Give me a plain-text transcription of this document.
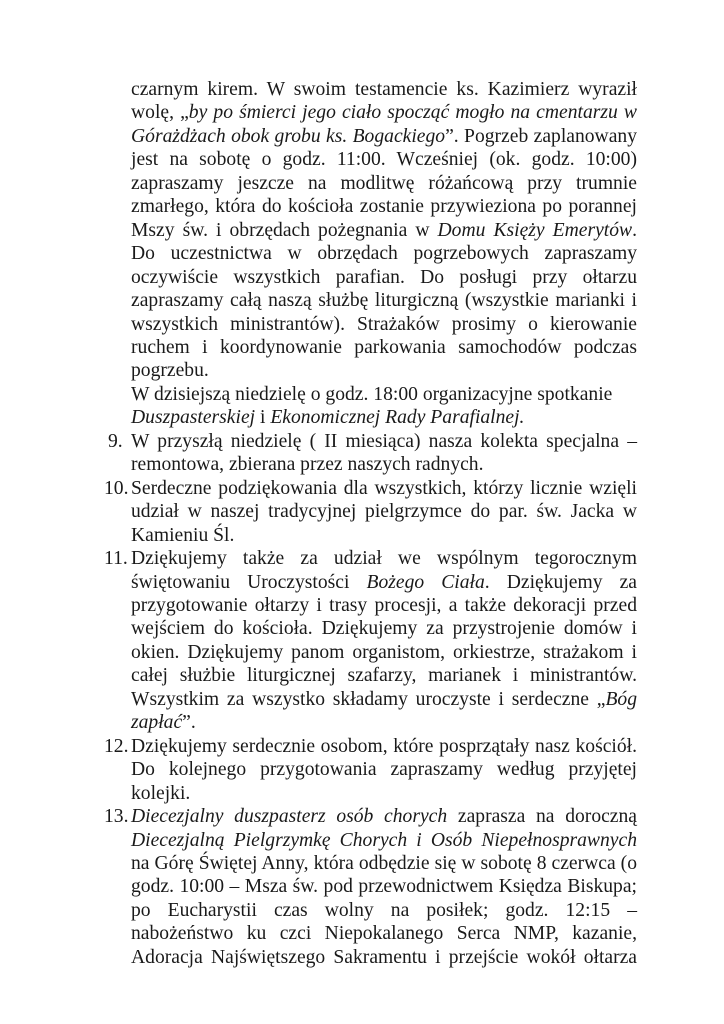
czarnym kirem. W swoim testamencie ks. Kazimierz wyraził wolę, „by po śmierci jego ciało spocząć mogło na cmentarzu w Górażdżach obok grobu ks. Bogackiego”. Pogrzeb zaplanowany jest na sobotę o godz. 11:00. Wcześniej (ok. godz. 10:00) zapraszamy jeszcze na modlitwę różańcową przy trumnie zmarłego, która do kościoła zostanie przywieziona po porannej Mszy św. i obrzędach pożegnania w Domu Księży Emerytów. Do uczestnictwa w obrzędach pogrzebowych zapraszamy oczywiście wszystkich parafian. Do posługi przy ołtarzu zapraszamy całą naszą służbę liturgiczną (wszystkie marianki i wszystkich ministrantów). Strażaków prosimy o kierowanie ruchem i koordynowanie parkowania samochodów podczas pogrzebu.

W dzisiejszą niedzielę o godz. 18:00 organizacyjne spotkanie Duszpasterskiej i Ekonomicznej Rady Parafialnej.

9. W przyszłą niedzielę ( II miesiąca) nasza kolekta specjalna – remontowa, zbierana przez naszych radnych.

10. Serdeczne podziękowania dla wszystkich, którzy licznie wzięli udział w naszej tradycyjnej pielgrzymce do par. św. Jacka w Kamieniu Śl.

11. Dziękujemy także za udział we wspólnym tegorocznym świętowaniu Uroczystości Bożego Ciała. Dziękujemy za przygotowanie ołtarzy i trasy procesji, a także dekoracji przed wejściem do kościoła. Dziękujemy za przystrojenie domów i okien. Dziękujemy panom organistom, orkiestrze, strażakom i całej służbie liturgicznej szafarzy, marianek i ministrantów. Wszystkim za wszystko składamy uroczyste i serdeczne „Bóg zapłać”.

12. Dziękujemy serdecznie osobom, które posprzątały nasz kościół. Do kolejnego przygotowania zapraszamy według przyjętej kolejki.

13. Diecezjalny duszpasterz osób chorych zaprasza na doroczną Diecezjalną Pielgrzymkę Chorych i Osób Niepełnosprawnych na Górę Świętej Anny, która odbędzie się w sobotę 8 czerwca (o godz. 10:00 – Msza św. pod przewodnictwem Księdza Biskupa; po Eucharystii czas wolny na posiłek; godz. 12:15 – nabożeństwo ku czci Niepokalanego Serca NMP, kazanie, Adoracja Najświętszego Sakramentu i przejście wokół ołtarza
